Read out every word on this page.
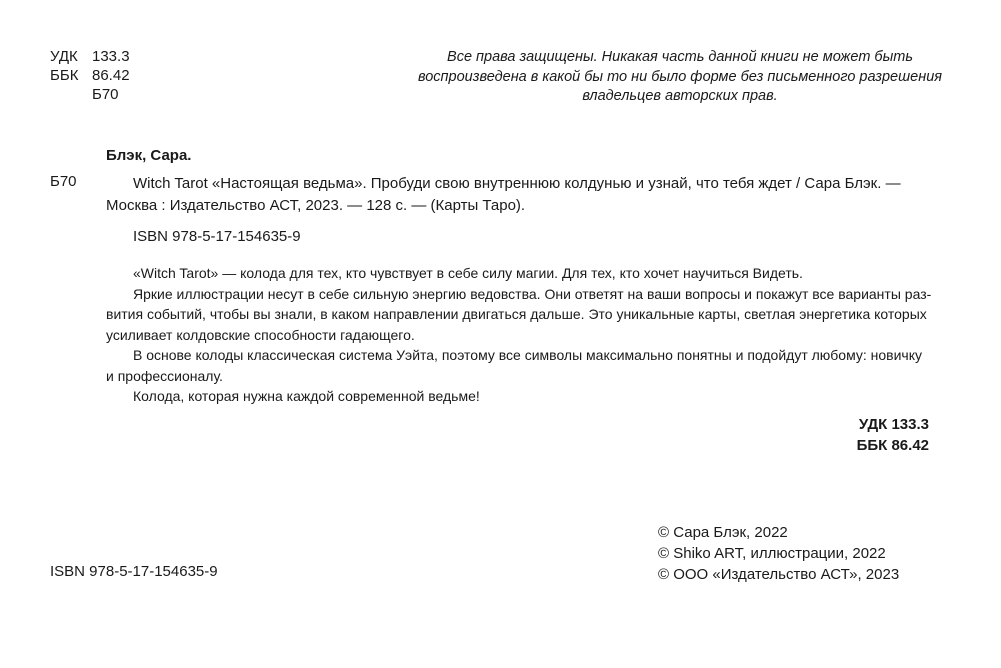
УДК 133.3
ББК 86.42
Б70
Все права защищены. Никакая часть данной книги не может быть
воспроизведена в какой бы то ни было форме без письменного разрешения
владельцев авторских прав.
Блэк, Сара.
Б70	Witch Tarot «Настоящая ведьма». Пробуди свою внутреннюю колдунью и узнай, что тебя ждет / Сара Блэк. —
Москва : Издательство АСТ, 2023. — 128 с. — (Карты Таро).
ISBN 978-5-17-154635-9
«Witch Tarot» — колода для тех, кто чувствует в себе силу магии. Для тех, кто хочет научиться Видеть.
Яркие иллюстрации несут в себе сильную энергию ведовства. Они ответят на ваши вопросы и покажут все варианты раз-
вития событий, чтобы вы знали, в каком направлении двигаться дальше. Это уникальные карты, светлая энергетика которых
усиливает колдовские способности гадающего.
В основе колоды классическая система Уэйта, поэтому все символы максимально понятны и подойдут любому: новичку
и профессионалу.
Колода, которая нужна каждой современной ведьме!
УДК 133.3
ББК 86.42
ISBN 978-5-17-154635-9
© Сара Блэк, 2022
© Shiko ART, иллюстрации, 2022
© ООО «Издательство АСТ», 2023
